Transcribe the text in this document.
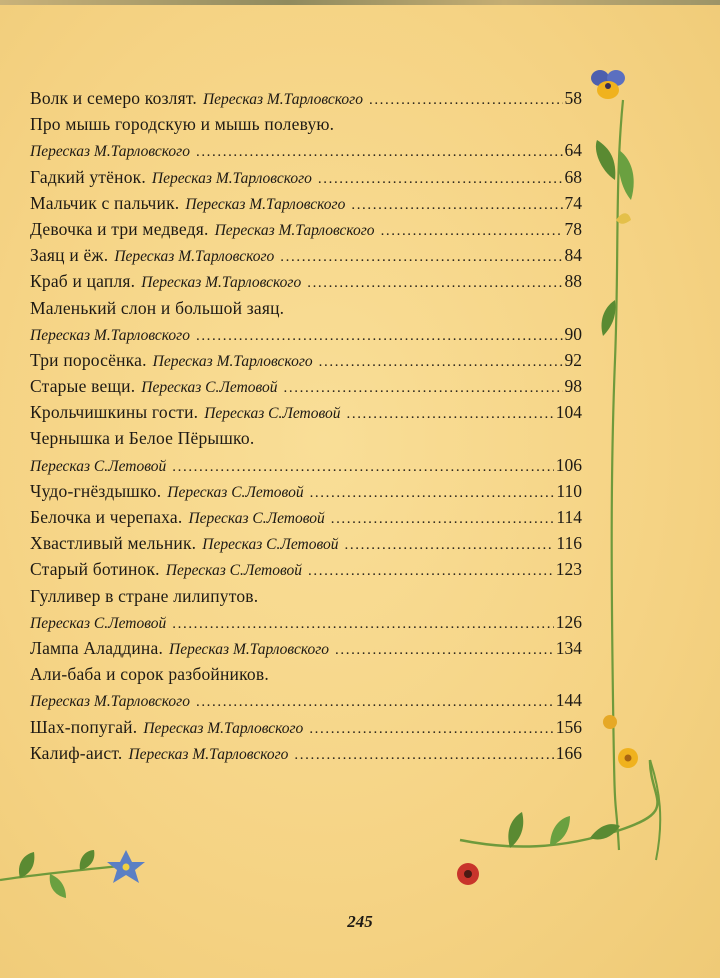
Волк и семеро козлят. Пересказ М.Тарловского .....	58
Про мышь городскую и мышь полевую.
Пересказ М.Тарловского .....	64
Гадкий утёнок. Пересказ М.Тарловского .....	68
Мальчик с пальчик. Пересказ М.Тарловского .....	74
Девочка и три медведя. Пересказ М.Тарловского .....	78
Заяц и ёж. Пересказ М.Тарловского .....	84
Краб и цапля. Пересказ М.Тарловского .....	88
Маленький слон и большой заяц.
Пересказ М.Тарловского .....	90
Три поросёнка. Пересказ М.Тарловского .....	92
Старые вещи. Пересказ С.Летовой .....	98
Крольчишкины гости. Пересказ С.Летовой .....	104
Чернышка и Белое Пёрышко.
Пересказ С.Летовой .....	106
Чудо-гнёздышко. Пересказ С.Летовой .....	110
Белочка и черепаха. Пересказ С.Летовой .....	114
Хвастливый мельник. Пересказ С.Летовой .....	116
Старый ботинок. Пересказ С.Летовой .....	123
Гулливер в стране лилипутов.
Пересказ С.Летовой .....	126
Лампа Аладдина. Пересказ М.Тарловского .....	134
Али-баба и сорок разбойников.
Пересказ М.Тарловского .....	144
Шах-попугай. Пересказ М.Тарловского .....	156
Калиф-аист. Пересказ М.Тарловского .....	166
245
